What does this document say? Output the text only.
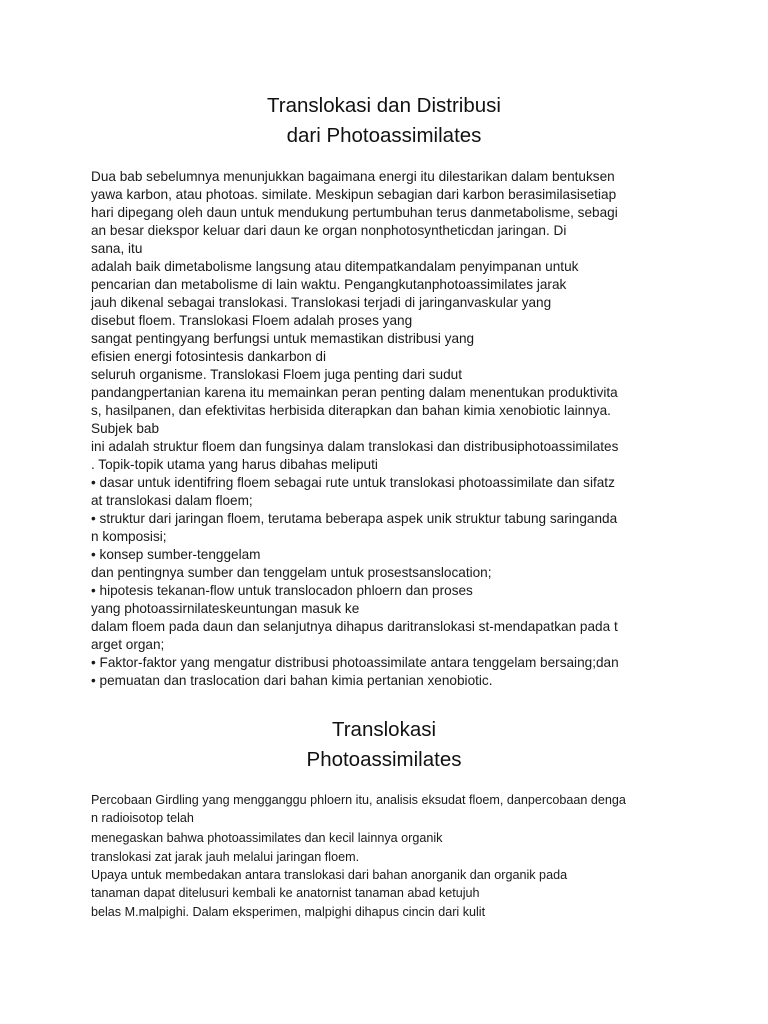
Translokasi dan Distribusi
dari Photoassimilates
Dua bab sebelumnya menunjukkan bagaimana energi itu dilestarikan dalam bentuksen
yawa karbon, atau photoas. similate. Meskipun sebagian dari karbon berasimilasisetiap
hari dipegang oleh daun untuk mendukung pertumbuhan terus danmetabolisme, sebagi
an besar diekspor keluar dari daun ke organ nonphotosyntheticdan jaringan. Di
sana, itu
adalah baik dimetabolisme langsung atau ditempatkandalam penyimpanan untuk
pencarian dan metabolisme di lain waktu. Pengangkutanphotoassimilates jarak
jauh dikenal sebagai translokasi. Translokasi terjadi di jaringanvaskular yang
disebut floem. Translokasi Floem adalah proses yang
sangat pentingyang berfungsi untuk memastikan distribusi yang
efisien energi fotosintesis dankarbon di
seluruh organisme. Translokasi Floem juga penting dari sudut
pandangpertanian karena itu memainkan peran penting dalam menentukan produktivita
s, hasilpanen, dan efektivitas herbisida diterapkan dan bahan kimia xenobiotic lainnya.
Subjek bab
ini adalah struktur floem dan fungsinya dalam translokasi dan distribusiphotoassimilates
. Topik-topik utama yang harus dibahas meliputi
• dasar untuk identifring floem sebagai rute untuk translokasi photoassimilate dan sifatz
at translokasi dalam floem;
• struktur dari jaringan floem, terutama beberapa aspek unik struktur tabung saringanda
n komposisi;
• konsep sumber-tenggelam
dan pentingnya sumber dan tenggelam untuk prosestsanslocation;
• hipotesis tekanan-flow untuk translocadon phloern dan proses
yang photoassirnilateskeuntungan masuk ke
dalam floem pada daun dan selanjutnya dihapus daritranslokasi st-mendapatkan pada t
arget organ;
• Faktor-faktor yang mengatur distribusi photoassimilate antara tenggelam bersaing;dan
• pemuatan dan traslocation dari bahan kimia pertanian xenobiotic.
Translokasi
Photoassimilates
Percobaan Girdling yang mengganggu phloern itu, analisis eksudat floem, danpercobaan denga
n radioisotop telah
menegaskan bahwa photoassimilates dan kecil lainnya organik
translokasi zat jarak jauh melalui jaringan floem.
Upaya untuk membedakan antara translokasi dari bahan anorganik dan organik pada
tanaman dapat ditelusuri kembali ke anatornist tanaman abad ketujuh
belas M.malpighi. Dalam eksperimen, malpighi dihapus cincin dari kulit
